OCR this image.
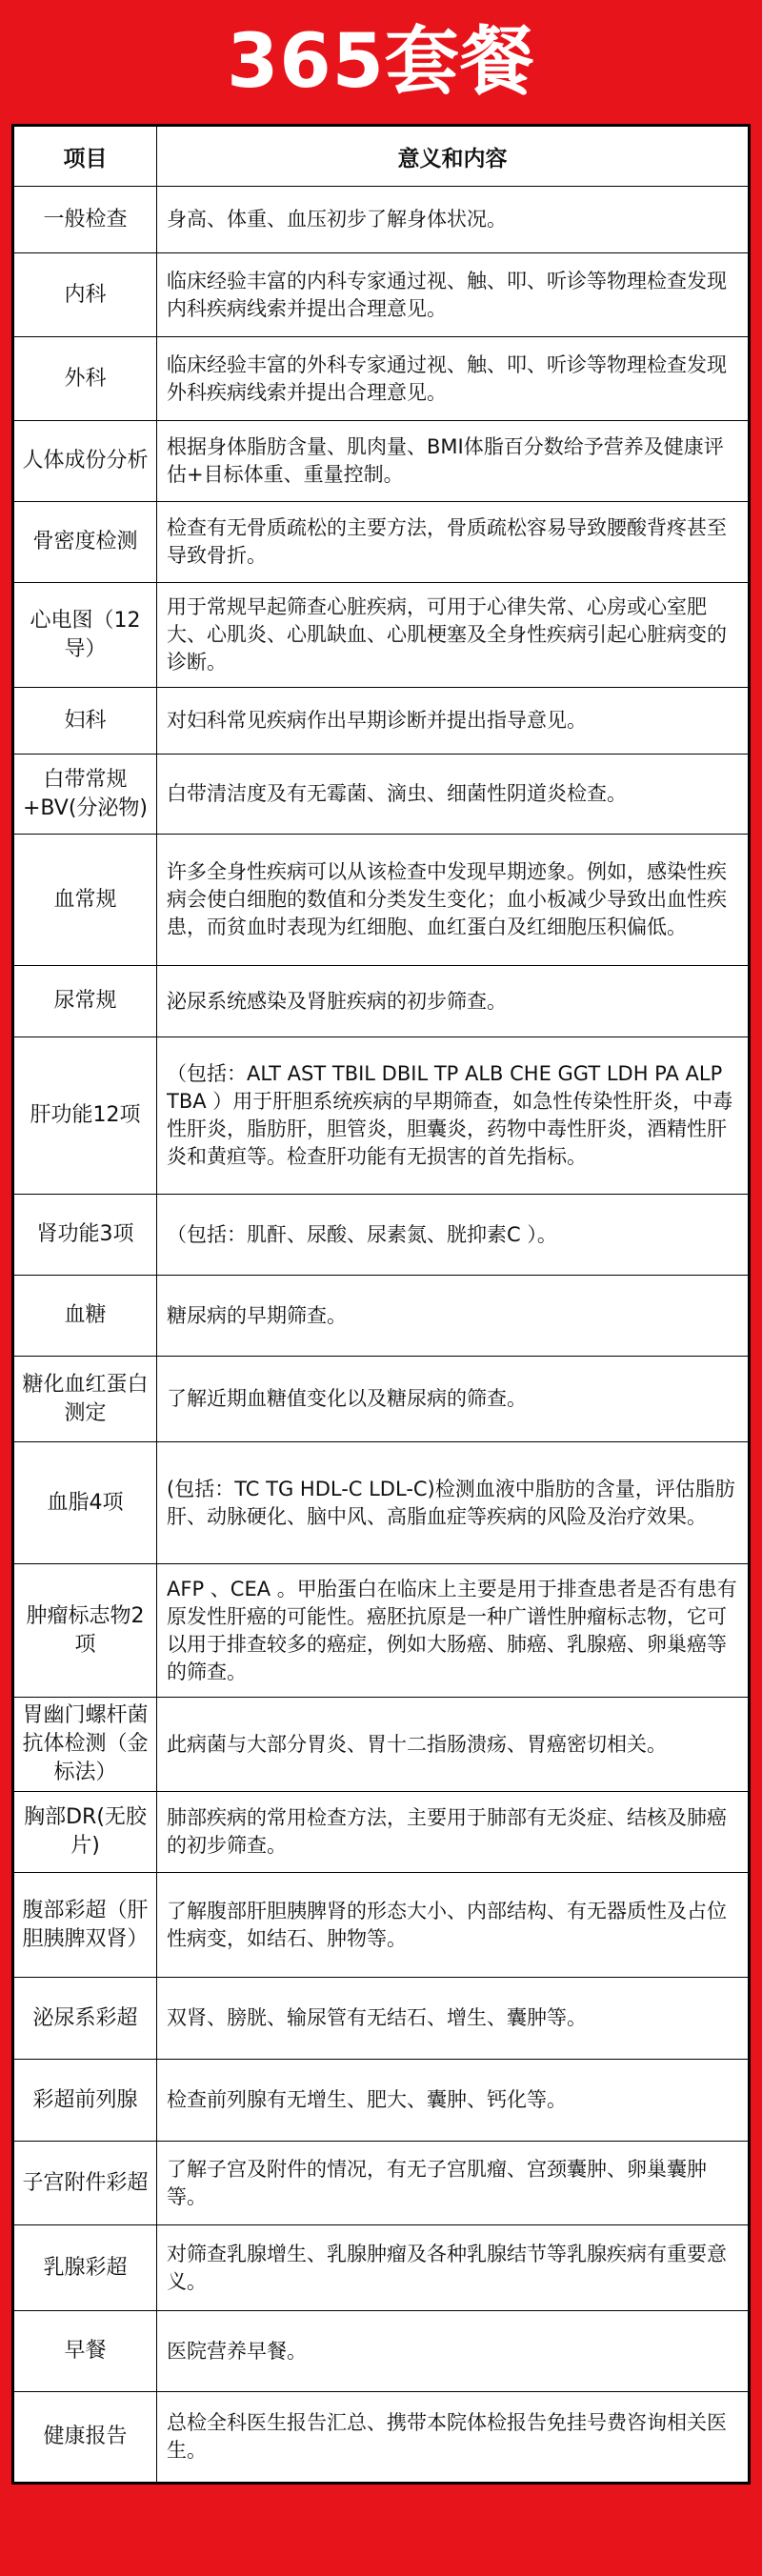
365套餐
项目	意义和内容
一般检查	身高、体重、血压初步了解身体状况。
内科	临床经验丰富的内科专家通过视、触、叩、听诊等物理检查发现内科疾病线索并提出合理意见。
外科	临床经验丰富的外科专家通过视、触、叩、听诊等物理检查发现外科疾病线索并提出合理意见。
人体成份分析	根据身体脂肪含量、肌肉量、BMI体脂百分数给予营养及健康评估+目标体重、重量控制。
骨密度检测	检查有无骨质疏松的主要方法，骨质疏松容易导致腰酸背疼甚至导致骨折。
心电图（12导）	用于常规早起筛查心脏疾病，可用于心律失常、心房或心室肥大、心肌炎、心肌缺血、心肌梗塞及全身性疾病引起心脏病变的诊断。
妇科	对妇科常见疾病作出早期诊断并提出指导意见。
白带常规+BV(分泌物)	白带清洁度及有无霉菌、滴虫、细菌性阴道炎检查。
血常规	许多全身性疾病可以从该检查中发现早期迹象。例如，感染性疾病会使白细胞的数值和分类发生变化；血小板减少导致出血性疾患，而贫血时表现为红细胞、血红蛋白及红细胞压积偏低。
尿常规	泌尿系统感染及肾脏疾病的初步筛查。
肝功能12项	（包括：ALT AST TBIL DBIL TP ALB CHE GGT LDH PA ALP TBA ）用于肝胆系统疾病的早期筛查，如急性传染性肝炎，中毒性肝炎，脂肪肝，胆管炎，胆囊炎，药物中毒性肝炎，酒精性肝炎和黄疸等。检查肝功能有无损害的首先指标。
肾功能3项	（包括：肌酐、尿酸、尿素氮、胱抑素C ）。
血糖	糖尿病的早期筛查。
糖化血红蛋白测定	了解近期血糖值变化以及糖尿病的筛查。
血脂4项	(包括：TC TG HDL-C LDL-C)检测血液中脂肪的含量，评估脂肪肝、动脉硬化、脑中风、高脂血症等疾病的风险及治疗效果。
肿瘤标志物2项	AFP 、CEA 。甲胎蛋白在临床上主要是用于排查患者是否有患有原发性肝癌的可能性。癌胚抗原是一种广谱性肿瘤标志物，它可以用于排查较多的癌症，例如大肠癌、肺癌、乳腺癌、卵巢癌等的筛查。
胃幽门螺杆菌抗体检测（金标法）	此病菌与大部分胃炎、胃十二指肠溃疡、胃癌密切相关。
胸部DR(无胶片)	肺部疾病的常用检查方法，主要用于肺部有无炎症、结核及肺癌的初步筛查。
腹部彩超（肝胆胰脾双肾）	了解腹部肝胆胰脾肾的形态大小、内部结构、有无器质性及占位性病变，如结石、肿物等。
泌尿系彩超	双肾、膀胱、输尿管有无结石、增生、囊肿等。
彩超前列腺	检查前列腺有无增生、肥大、囊肿、钙化等。
子宫附件彩超	了解子宫及附件的情况，有无子宫肌瘤、宫颈囊肿、卵巢囊肿等。
乳腺彩超	对筛查乳腺增生、乳腺肿瘤及各种乳腺结节等乳腺疾病有重要意义。
早餐	医院营养早餐。
健康报告	总检全科医生报告汇总、携带本院体检报告免挂号费咨询相关医生。
